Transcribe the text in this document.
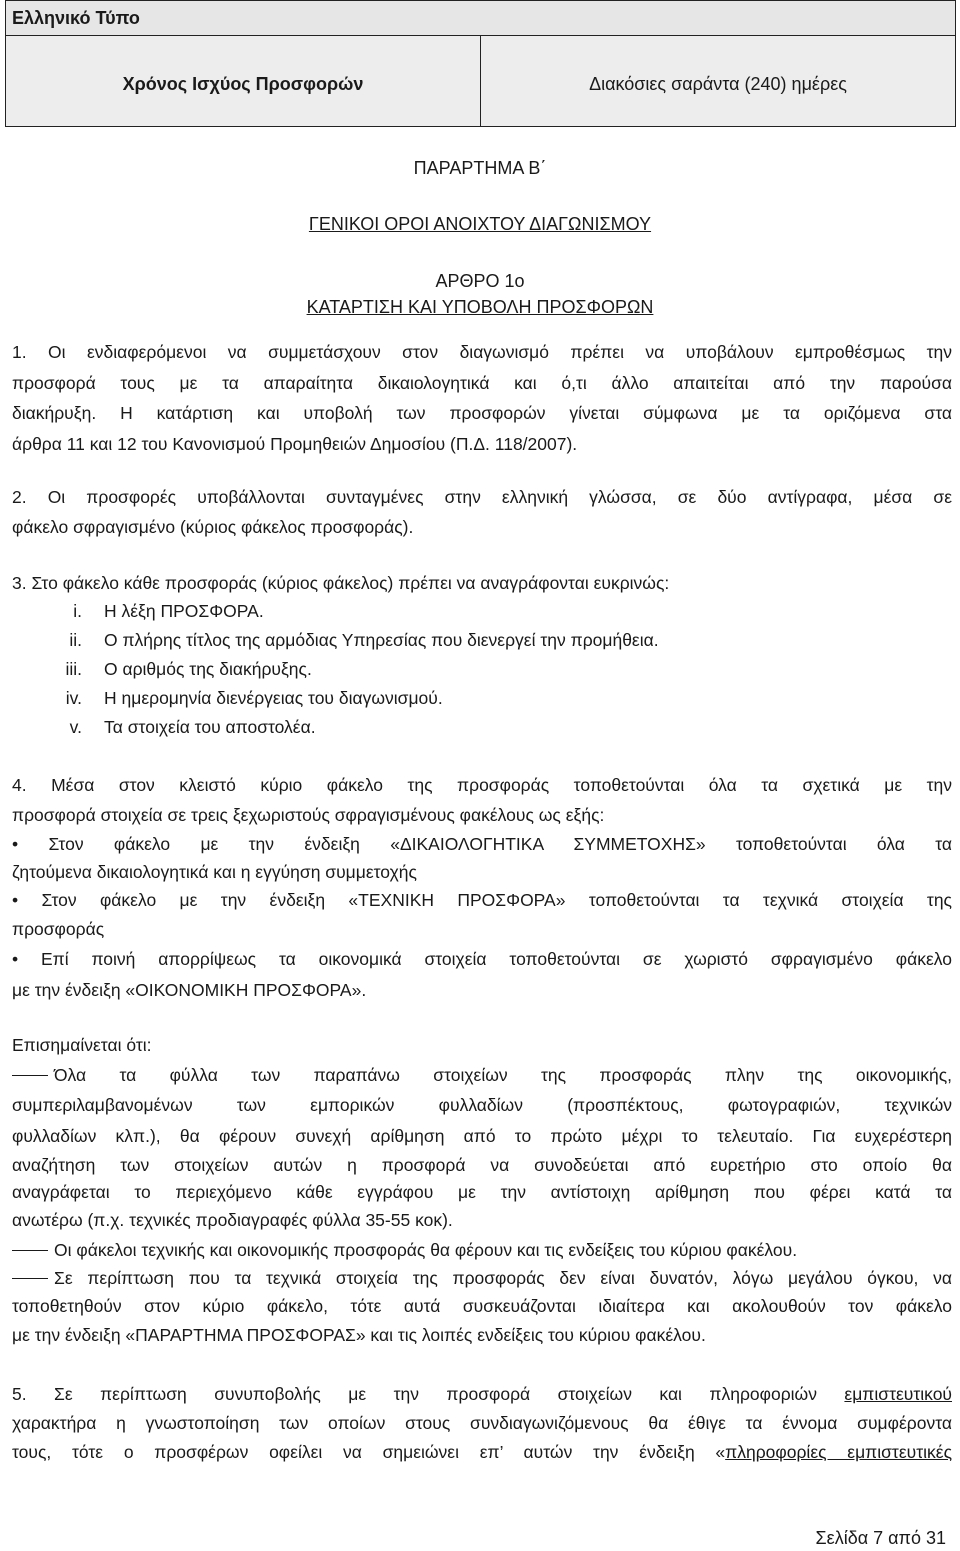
Ελληνικό Τύπο
Χρόνος Ισχύος Προσφορών	Διακόσιες σαράντα (240) ημέρες
ΠΑΡΑΡΤΗΜΑ Β΄
ΓΕΝΙΚΟΙ ΟΡΟΙ ΑΝΟΙΧΤΟΥ ΔΙΑΓΩΝΙΣΜΟΥ
ΑΡΘΡΟ 1ο
ΚΑΤΑΡΤΙΣΗ ΚΑΙ ΥΠΟΒΟΛΗ ΠΡΟΣΦΟΡΩΝ
1. Οι ενδιαφερόμενοι να συμμετάσχουν στον διαγωνισμό πρέπει να υποβάλουν εμπροθέσμως την
προσφορά τους με τα απαραίτητα δικαιολογητικά και ό,τι άλλο απαιτείται από την παρούσα
διακήρυξη. Η κατάρτιση και υποβολή των προσφορών γίνεται σύμφωνα με τα οριζόμενα στα
άρθρα 11 και 12 του Κανονισμού Προμηθειών Δημοσίου (Π.Δ. 118/2007).
2. Οι προσφορές υποβάλλονται συνταγμένες στην ελληνική γλώσσα, σε δύο αντίγραφα, μέσα σε
φάκελο σφραγισμένο (κύριος φάκελος προσφοράς).
3. Στο φάκελο κάθε προσφοράς (κύριος φάκελος) πρέπει να αναγράφονται ευκρινώς:
i. Η λέξη ΠΡΟΣΦΟΡΑ.
ii. Ο πλήρης τίτλος της αρμόδιας Υπηρεσίας που διενεργεί την προμήθεια.
iii. Ο αριθμός της διακήρυξης.
iv. Η ημερομηνία διενέργειας του διαγωνισμού.
v. Τα στοιχεία του αποστολέα.
4. Μέσα στον κλειστό κύριο φάκελο της προσφοράς τοποθετούνται όλα τα σχετικά με την
προσφορά στοιχεία σε τρεις ξεχωριστούς σφραγισμένους φακέλους ως εξής:
• Στον φάκελο με την ένδειξη «ΔΙΚΑΙΟΛΟΓΗΤΙΚΑ ΣΥΜΜΕΤΟΧΗΣ» τοποθετούνται όλα τα
ζητούμενα δικαιολογητικά και η εγγύηση συμμετοχής
• Στον φάκελο με την ένδειξη «ΤΕΧΝΙΚΗ ΠΡΟΣΦΟΡΑ» τοποθετούνται τα τεχνικά στοιχεία της
προσφοράς
• Επί ποινή απορρίψεως τα οικονομικά στοιχεία τοποθετούνται σε χωριστό σφραγισμένο φάκελο
με την ένδειξη «ΟΙΚΟΝΟΜΙΚΗ ΠΡΟΣΦΟΡΑ».
Επισημαίνεται ότι:
Όλα τα φύλλα των παραπάνω στοιχείων της προσφοράς πλην της οικονομικής,
συμπεριλαμβανομένων των εμπορικών φυλλαδίων (προσπέκτους, φωτογραφιών, τεχνικών
φυλλαδίων κλπ.), θα φέρουν συνεχή αρίθμηση από το πρώτο μέχρι το τελευταίο. Για ευχερέστερη
αναζήτηση των στοιχείων αυτών η προσφορά να συνοδεύεται από ευρετήριο στο οποίο θα
αναγράφεται το περιεχόμενο κάθε εγγράφου με την αντίστοιχη αρίθμηση που φέρει κατά τα
ανωτέρω (π.χ. τεχνικές προδιαγραφές φύλλα 35-55 κοκ).
Οι φάκελοι τεχνικής και οικονομικής προσφοράς θα φέρουν και τις ενδείξεις του κύριου φακέλου.
Σε περίπτωση που τα τεχνικά στοιχεία της προσφοράς δεν είναι δυνατόν, λόγω μεγάλου όγκου, να
τοποθετηθούν στον κύριο φάκελο, τότε αυτά συσκευάζονται ιδιαίτερα και ακολουθούν τον φάκελο
με την ένδειξη «ΠΑΡΑΡΤΗΜΑ ΠΡΟΣΦΟΡΑΣ» και τις λοιπές ενδείξεις του κύριου φακέλου.
5. Σε περίπτωση συνυποβολής με την προσφορά στοιχείων και πληροφοριών εμπιστευτικού
χαρακτήρα η γνωστοποίηση των οποίων στους συνδιαγωνιζόμενους θα έθιγε τα έννομα συμφέροντα
τους, τότε ο προσφέρων οφείλει να σημειώνει επ’ αυτών την ένδειξη «πληροφορίες εμπιστευτικές
Σελίδα 7 από 31
